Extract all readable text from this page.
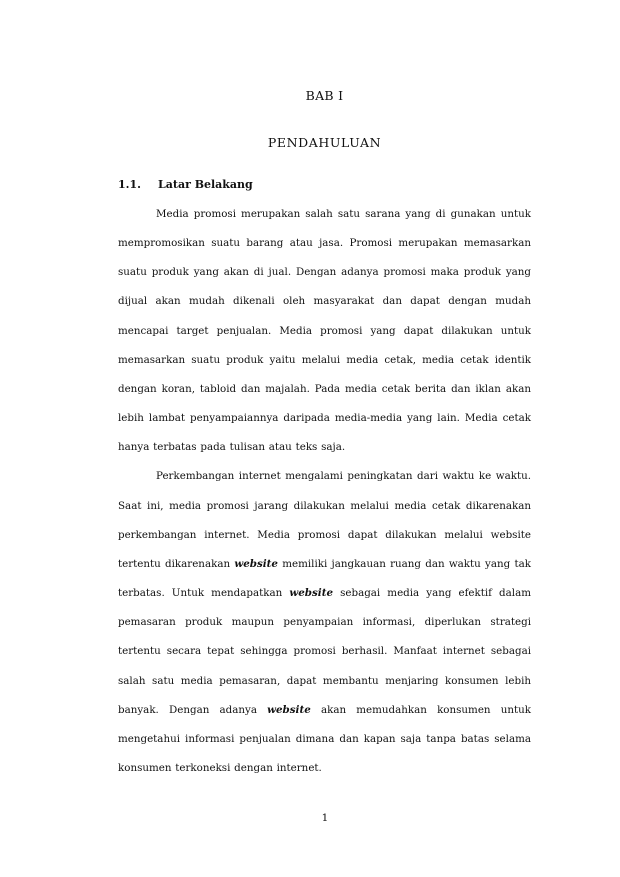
BAB I
PENDAHULUAN
1.1. Latar Belakang

Media promosi merupakan salah satu sarana yang di gunakan untuk mempromosikan suatu barang atau jasa. Promosi merupakan memasarkan suatu produk yang akan di jual. Dengan adanya promosi maka produk yang dijual akan mudah dikenali oleh masyarakat dan dapat dengan mudah mencapai target penjualan. Media promosi yang dapat dilakukan untuk memasarkan suatu produk yaitu melalui media cetak, media cetak identik dengan koran, tabloid dan majalah. Pada media cetak berita dan iklan akan lebih lambat penyampaiannya daripada media-media yang lain. Media cetak hanya terbatas pada tulisan atau teks saja.

Perkembangan internet mengalami peningkatan dari waktu ke waktu. Saat ini, media promosi jarang dilakukan melalui media cetak dikarenakan perkembangan internet. Media promosi dapat dilakukan melalui website tertentu dikarenakan website memiliki jangkauan ruang dan waktu yang tak terbatas. Untuk mendapatkan website sebagai media yang efektif dalam pemasaran produk maupun penyampaian informasi, diperlukan strategi tertentu secara tepat sehingga promosi berhasil. Manfaat internet sebagai salah satu media pemasaran, dapat membantu menjaring konsumen lebih banyak. Dengan adanya website akan memudahkan konsumen untuk mengetahui informasi penjualan dimana dan kapan saja tanpa batas selama konsumen terkoneksi dengan internet.

1
